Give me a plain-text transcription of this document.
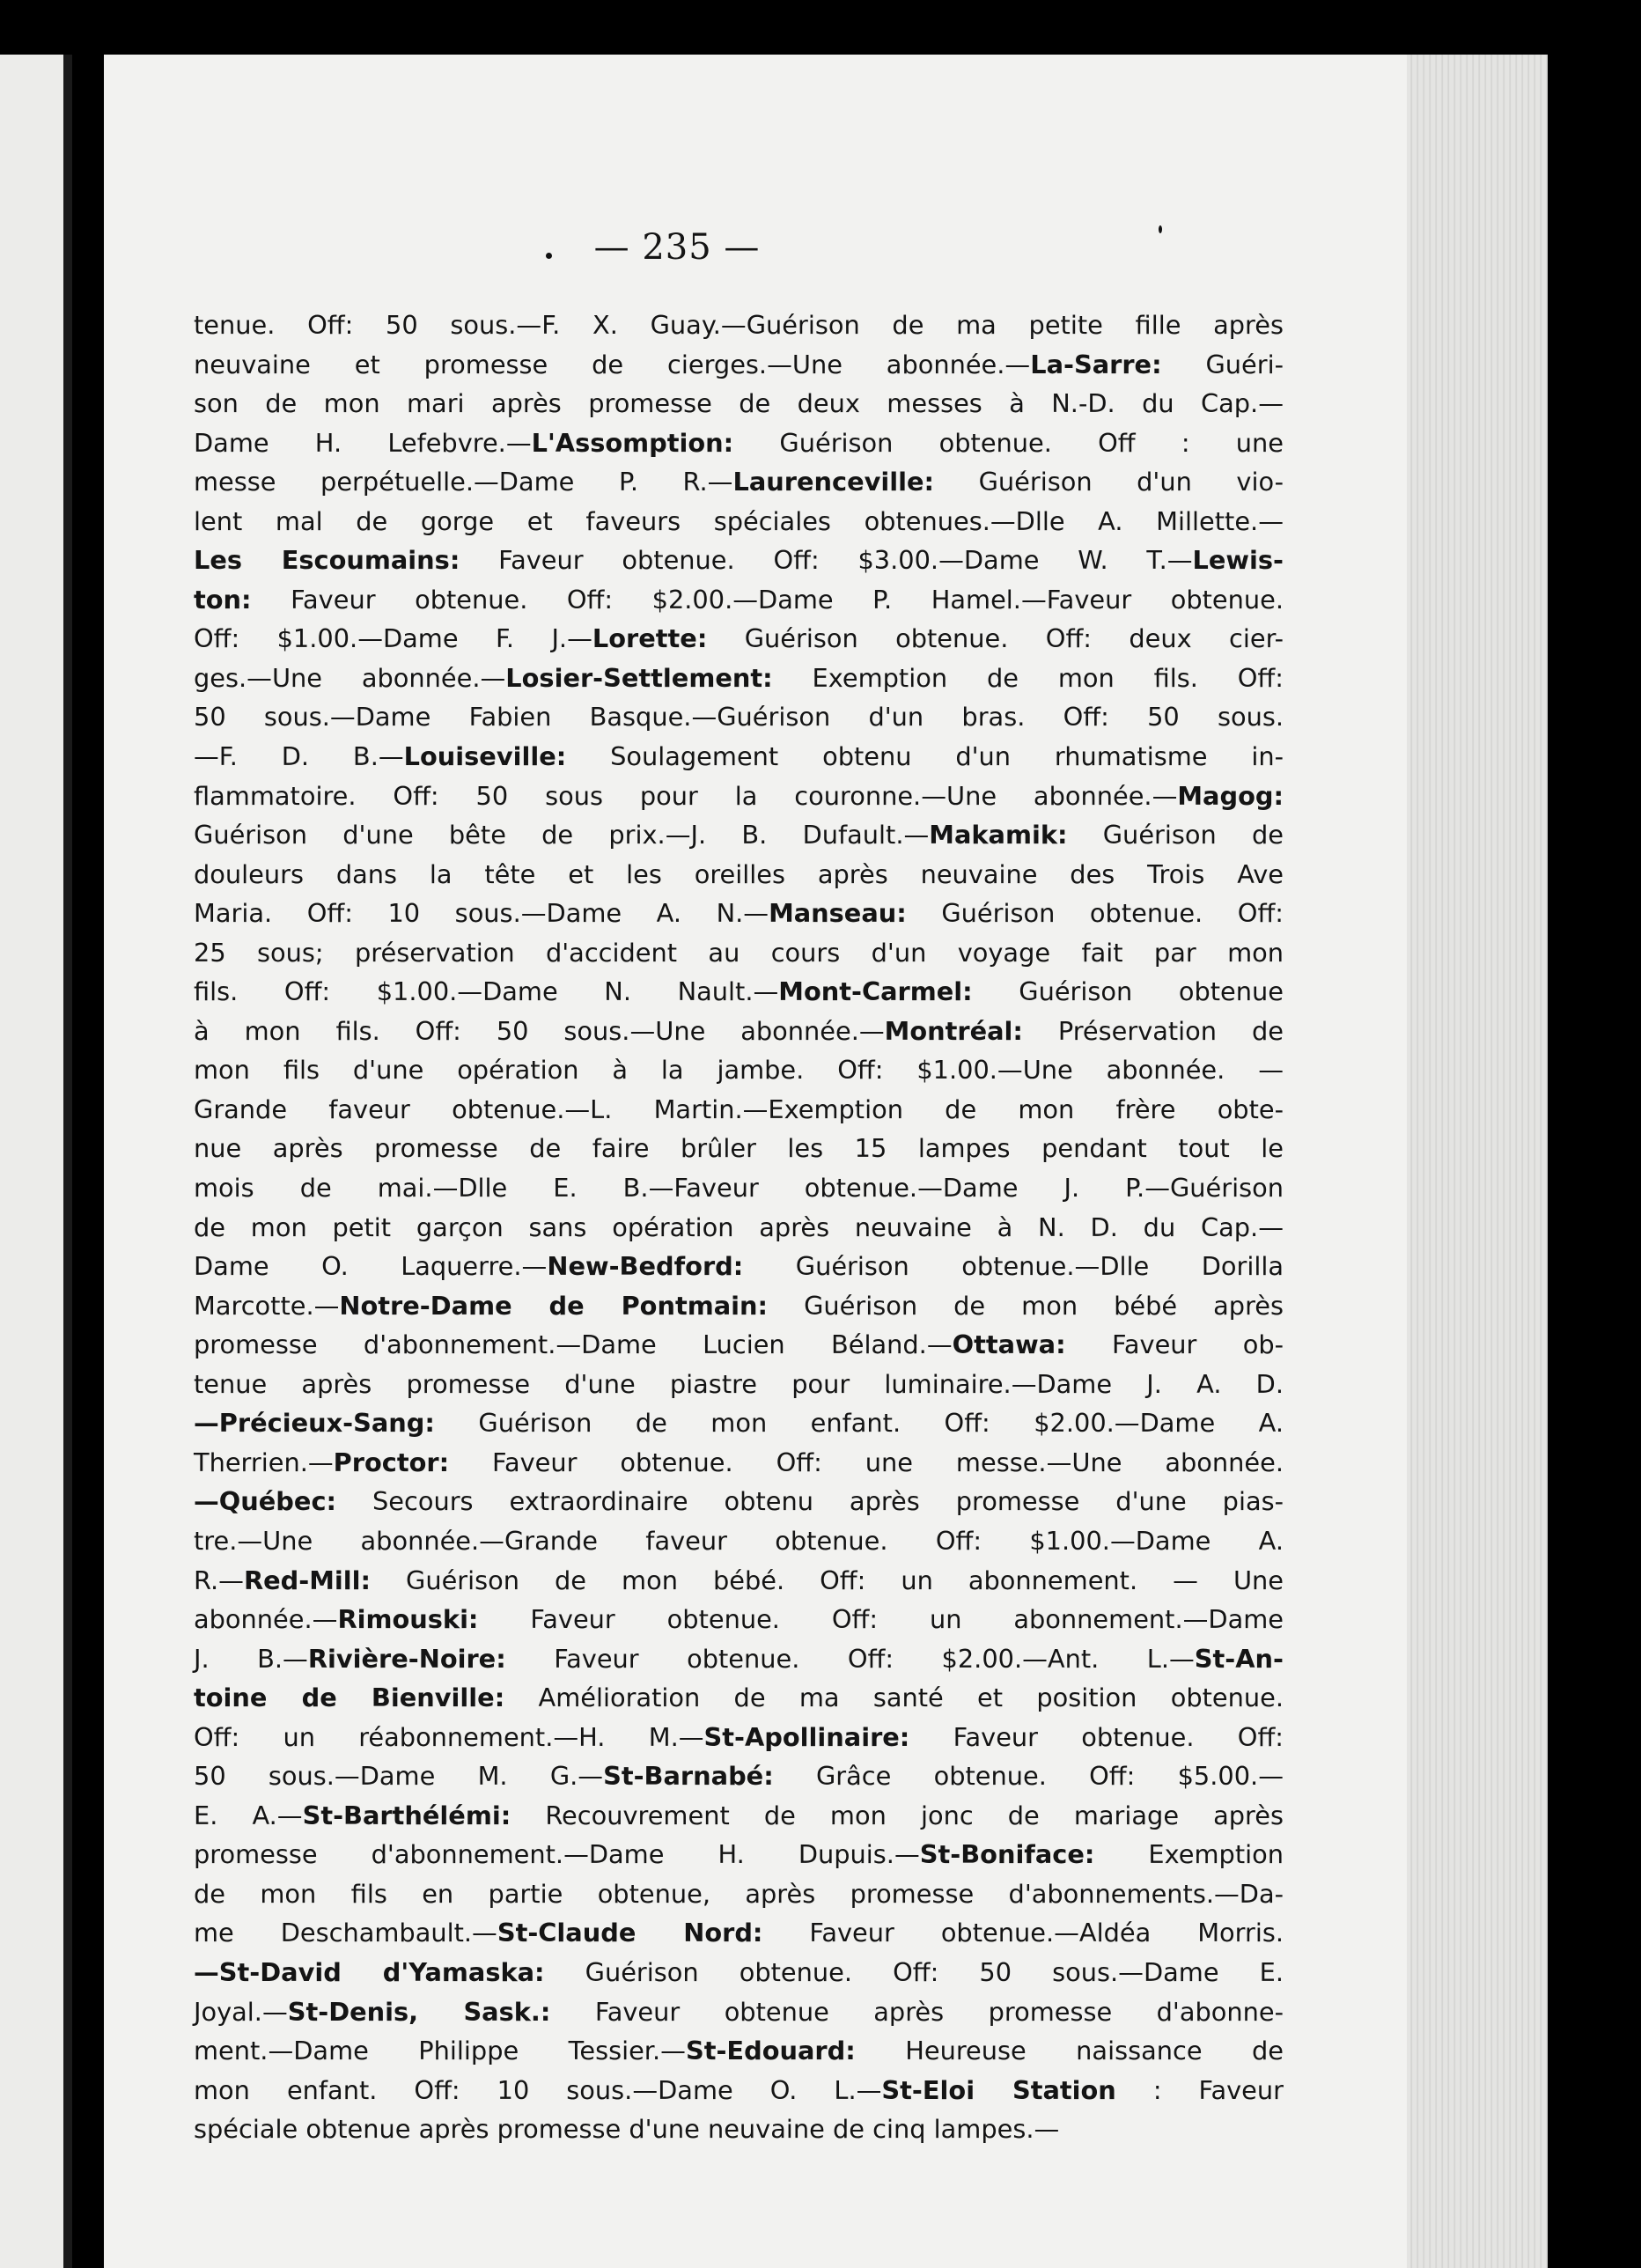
— 235 —
tenue. Off: 50 sous.—F. X. Guay.—Guérison de ma petite fille après
neuvaine et promesse de cierges.—Une abonnée.—La-Sarre: Guéri-
son de mon mari après promesse de deux messes à N.-D. du Cap.—
Dame H. Lefebvre.—L'Assomption: Guérison obtenue. Off : une
messe perpétuelle.—Dame P. R.—Laurenceville: Guérison d'un vio-
lent mal de gorge et faveurs spéciales obtenues.—Dlle A. Millette.—
Les Escoumains: Faveur obtenue. Off: $3.00.—Dame W. T.—Lewis-
ton: Faveur obtenue. Off: $2.00.—Dame P. Hamel.—Faveur obtenue.
Off: $1.00.—Dame F. J.—Lorette: Guérison obtenue. Off: deux cier-
ges.—Une abonnée.—Losier-Settlement: Exemption de mon fils. Off:
50 sous.—Dame Fabien Basque.—Guérison d'un bras. Off: 50 sous.
—F. D. B.—Louiseville: Soulagement obtenu d'un rhumatisme in-
flammatoire. Off: 50 sous pour la couronne.—Une abonnée.—Magog:
Guérison d'une bête de prix.—J. B. Dufault.—Makamik: Guérison de
douleurs dans la tête et les oreilles après neuvaine des Trois Ave
Maria. Off: 10 sous.—Dame A. N.—Manseau: Guérison obtenue. Off:
25 sous; préservation d'accident au cours d'un voyage fait par mon
fils. Off: $1.00.—Dame N. Nault.—Mont-Carmel: Guérison obtenue
à mon fils. Off: 50 sous.—Une abonnée.—Montréal: Préservation de
mon fils d'une opération à la jambe. Off: $1.00.—Une abonnée. —
Grande faveur obtenue.—L. Martin.—Exemption de mon frère obte-
nue après promesse de faire brûler les 15 lampes pendant tout le
mois de mai.—Dlle E. B.—Faveur obtenue.—Dame J. P.—Guérison
de mon petit garçon sans opération après neuvaine à N. D. du Cap.—
Dame O. Laquerre.—New-Bedford: Guérison obtenue.—Dlle Dorilla
Marcotte.—Notre-Dame de Pontmain: Guérison de mon bébé après
promesse d'abonnement.—Dame Lucien Béland.—Ottawa: Faveur ob-
tenue après promesse d'une piastre pour luminaire.—Dame J. A. D.
—Précieux-Sang: Guérison de mon enfant. Off: $2.00.—Dame A.
Therrien.—Proctor: Faveur obtenue. Off: une messe.—Une abonnée.
—Québec: Secours extraordinaire obtenu après promesse d'une pias-
tre.—Une abonnée.—Grande faveur obtenue. Off: $1.00.—Dame A.
R.—Red-Mill: Guérison de mon bébé. Off: un abonnement. — Une
abonnée.—Rimouski: Faveur obtenue. Off: un abonnement.—Dame
J. B.—Rivière-Noire: Faveur obtenue. Off: $2.00.—Ant. L.—St-An-
toine de Bienville: Amélioration de ma santé et position obtenue.
Off: un réabonnement.—H. M.—St-Apollinaire: Faveur obtenue. Off:
50 sous.—Dame M. G.—St-Barnabé: Grâce obtenue. Off: $5.00.—
E. A.—St-Barthélémi: Recouvrement de mon jonc de mariage après
promesse d'abonnement.—Dame H. Dupuis.—St-Boniface: Exemption
de mon fils en partie obtenue, après promesse d'abonnements.—Da-
me Deschambault.—St-Claude Nord: Faveur obtenue.—Aldéa Morris.
—St-David d'Yamaska: Guérison obtenue. Off: 50 sous.—Dame E.
Joyal.—St-Denis, Sask.: Faveur obtenue après promesse d'abonne-
ment.—Dame Philippe Tessier.—St-Edouard: Heureuse naissance de
mon enfant. Off: 10 sous.—Dame O. L.—St-Eloi Station : Faveur
spéciale obtenue après promesse d'une neuvaine de cinq lampes.—
